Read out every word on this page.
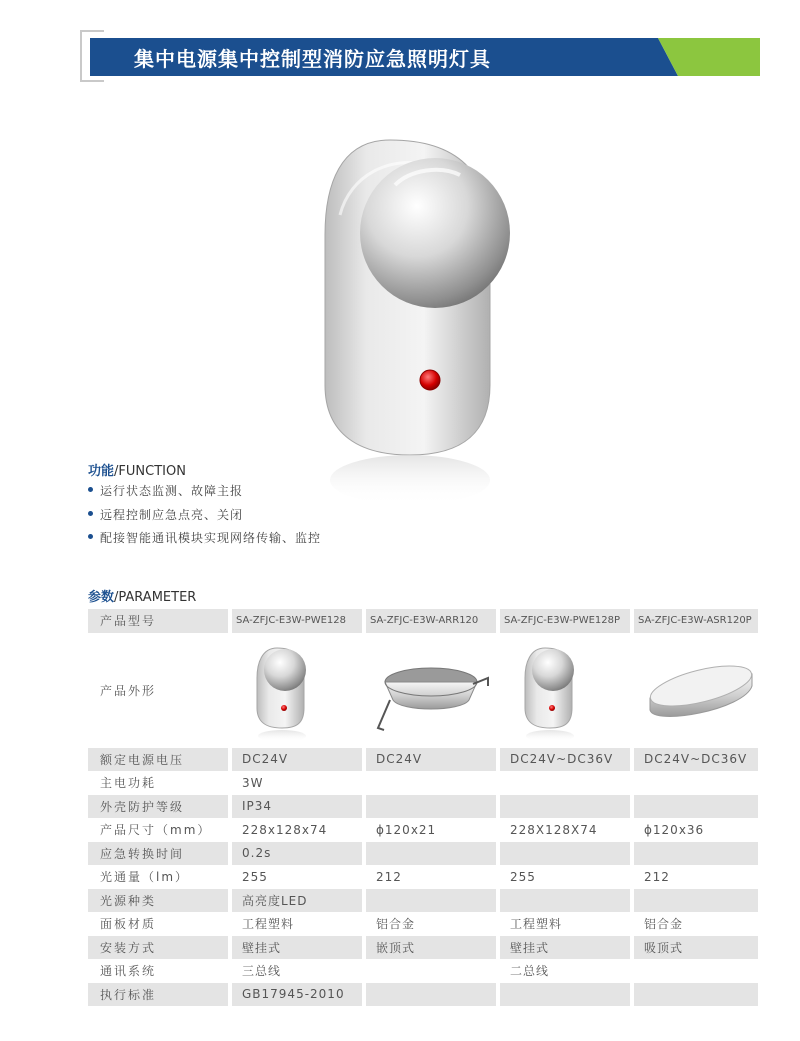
集中电源集中控制型消防应急照明灯具
功能/FUNCTION
运行状态监测、故障主报
远程控制应急点亮、关闭
配接智能通讯模块实现网络传输、监控
参数/PARAMETER
产品型号		SA-ZFJC-E3W-PWE128		SA-ZFJC-E3W-ARR120		SA-ZFJC-E3W-PWE128P		SA-ZFJC-E3W-ASR120P
产品外形		

额定电源电压		DC24V		DC24V		DC24V~DC36V		DC24V~DC36V
主电功耗		3W						
外壳防护等级		IP34						
产品尺寸（mm）		228x128x74		ϕ120x21		228X128X74		ϕ120x36
应急转换时间		0.2s						
光通量（lm）		255		212		255		212
光源种类		高亮度LED						
面板材质		工程塑料		铝合金		工程塑料		铝合金
安装方式		壁挂式		嵌顶式		壁挂式		吸顶式
通讯系统		三总线				二总线		
执行标准		GB17945-2010						
